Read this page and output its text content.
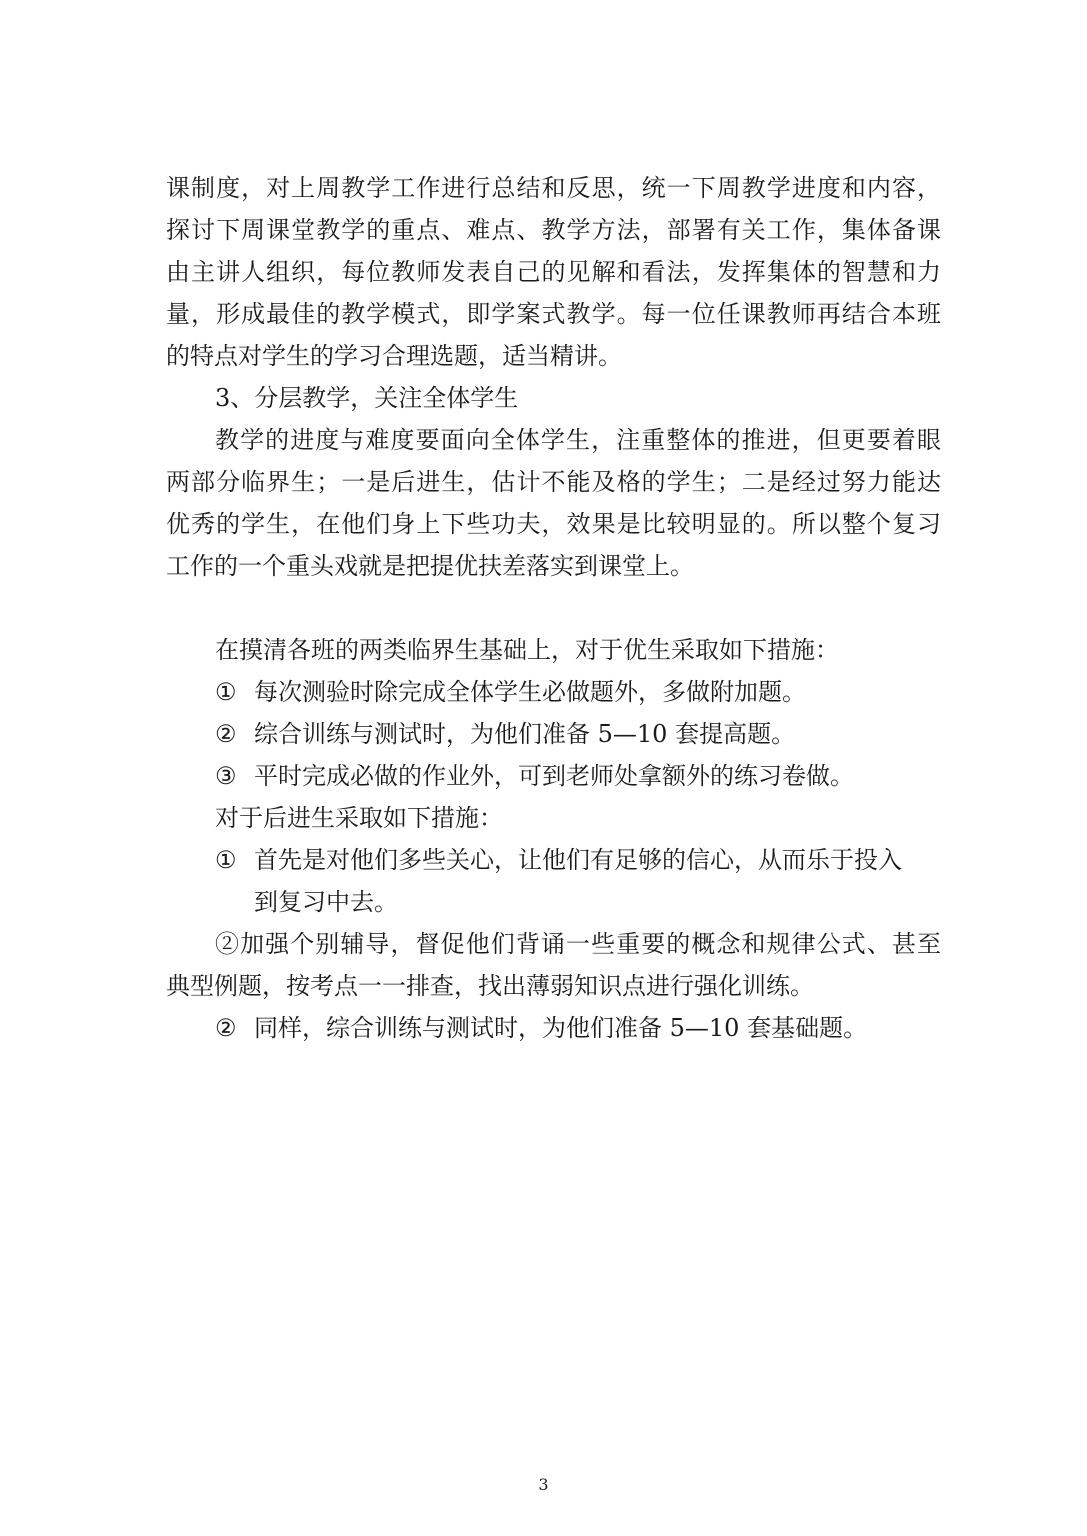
课制度，对上周教学工作进行总结和反思，统一下周教学进度和内容，
探讨下周课堂教学的重点、难点、教学方法，部署有关工作，集体备课
由主讲人组织，每位教师发表自己的见解和看法，发挥集体的智慧和力
量，形成最佳的教学模式，即学案式教学。每一位任课教师再结合本班
的特点对学生的学习合理选题，适当精讲。
3、分层教学，关注全体学生
教学的进度与难度要面向全体学生，注重整体的推进，但更要着眼
两部分临界生；一是后进生，估计不能及格的学生；二是经过努力能达
优秀的学生，在他们身上下些功夫，效果是比较明显的。所以整个复习
工作的一个重头戏就是把提优扶差落实到课堂上。
在摸清各班的两类临界生基础上，对于优生采取如下措施：
① 每次测验时除完成全体学生必做题外，多做附加题。
② 综合训练与测试时，为他们准备 5—10 套提高题。
③ 平时完成必做的作业外，可到老师处拿额外的练习卷做。
对于后进生采取如下措施：
① 首先是对他们多些关心，让他们有足够的信心，从而乐于投入
到复习中去。
②加强个别辅导，督促他们背诵一些重要的概念和规律公式、甚至
典型例题，按考点一一排查，找出薄弱知识点进行强化训练。
② 同样，综合训练与测试时，为他们准备 5—10 套基础题。
3
